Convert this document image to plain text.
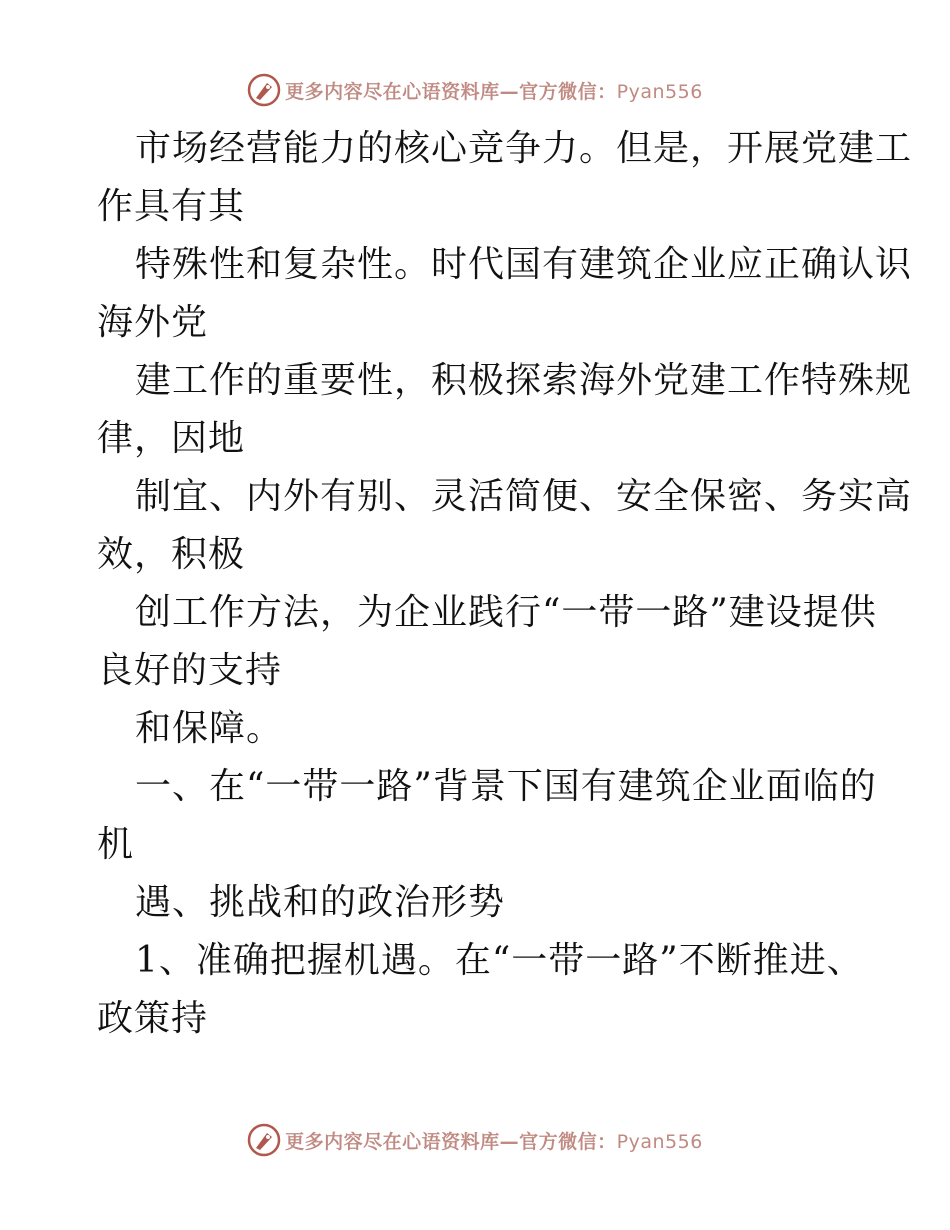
更多内容尽在心语资料库—官方微信：Pyan556
市场经营能力的核心竞争力。但是，开展党建工
作具有其
特殊性和复杂性。时代国有建筑企业应正确认识
海外党
建工作的重要性，积极探索海外党建工作特殊规
律，因地
制宜、内外有别、灵活简便、安全保密、务实高
效，积极
创工作方法，为企业践行“一带一路”建设提供
良好的支持
和保障。
一、在“一带一路”背景下国有建筑企业面临的
机
遇、挑战和的政治形势
1、准确把握机遇。在“一带一路”不断推进、
政策持
更多内容尽在心语资料库—官方微信：Pyan556
